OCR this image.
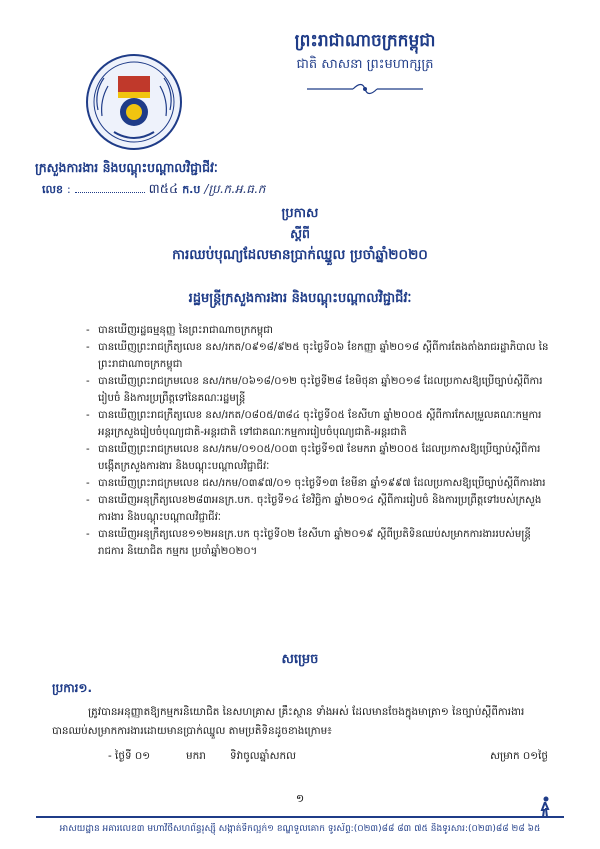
ព្រះរាជាណាចក្រកម្ពុជា
ជាតិ សាសនា ព្រះមហាក្សត្រ
ក្រសួងការងារ និងបណ្តុះបណ្តាលវិជ្ជាជីវៈ
លេខ :	៣៥៤ ក.ប /ប្រ.ក.អ.ធ.ក
ប្រកាស
ស្តីពី
ការឈប់បុណ្យដែលមានប្រាក់ឈ្នួល ប្រចាំឆ្នាំ២០២០
រដ្ឋមន្ត្រីក្រសួងការងារ និងបណ្តុះបណ្តាលវិជ្ជាជីវៈ
- បានឃើញរដ្ឋធម្មនុញ្ញ នៃព្រះរាជាណាចក្រកម្ពុជា
- បានឃើញព្រះរាជក្រឹត្យលេខ នស/រកត/០៩១៨/៩២៥ ចុះថ្ងៃទី០៦ ខែកញ្ញា ឆ្នាំ២០១៨ ស្តីពីការតែងតាំងរាជរដ្ឋាភិបាល នៃព្រះរាជាណាចក្រកម្ពុជា
- បានឃើញព្រះរាជក្រមលេខ នស/រកម/០៦១៨/០១២ ចុះថ្ងៃទី២៨ ខែមិថុនា ឆ្នាំ២០១៨ ដែលប្រកាសឱ្យប្រើច្បាប់ស្តីពីការរៀបចំ និងការប្រព្រឹត្តទៅនៃគណៈរដ្ឋមន្ត្រី
- បានឃើញព្រះរាជក្រឹត្យលេខ នស/រកត/០៨០៥/៣៨៤ ចុះថ្ងៃទី០៥ ខែសីហា ឆ្នាំ២០០៥ ស្តីពីការកែសម្រួលគណៈកម្មការអន្តរក្រសួងរៀបចំបុណ្យជាតិ-អន្តរជាតិ ទៅជាគណៈកម្មការរៀបចំបុណ្យជាតិ-អន្តរជាតិ
- បានឃើញព្រះរាជក្រមលេខ នស/រកម/០១០៥/០០៣ ចុះថ្ងៃទី១៧ ខែមករា ឆ្នាំ២០០៥ ដែលប្រកាសឱ្យប្រើច្បាប់ស្តីពីការបង្កើតក្រសួងការងារ និងបណ្តុះបណ្តាលវិជ្ជាជីវៈ
- បានឃើញព្រះរាជក្រមលេខ ជស/រកម/០៣៩៧/០១ ចុះថ្ងៃទី១៣ ខែមីនា ឆ្នាំ១៩៩៧ ដែលប្រកាសឱ្យប្រើច្បាប់ស្តីពីការងារ
- បានឃើញអនុក្រឹត្យលេខ២៨៣អនក្រ.បក. ចុះថ្ងៃទី១៤ ខែវិច្ឆិកា ឆ្នាំ២០១៤ ស្តីពីការរៀបចំ និងការប្រព្រឹត្តទៅរបស់ក្រសួងការងារ និងបណ្តុះបណ្តាលវិជ្ជាជីវៈ
- បានឃើញអនុក្រឹត្យលេខ១១២អនក្រ.បក ចុះថ្ងៃទី០២ ខែសីហា ឆ្នាំ២០១៩ ស្តីពីប្រតិទិនឈប់សម្រាកការងាររបស់មន្ត្រីរាជការ និយោជិត កម្មករ ប្រចាំឆ្នាំ២០២០។
សម្រេច
ប្រការ១.
ត្រូវបានអនុញ្ញាតឱ្យកម្មករនិយោជិត នៃសហគ្រាស គ្រឹះស្ថាន ទាំងអស់ ដែលមានចែងក្នុងមាត្រា១ នៃច្បាប់ស្តីពីការងារ បានឈប់សម្រាកការងារដោយមានប្រាក់ឈ្នួល តាមប្រតិទិនដូចខាងក្រោម៖
- ថ្ងៃទី ០១	មករា	ទិវាចូលឆ្នាំសកល	សម្រាក ០១ថ្ងៃ
១
អាសយដ្ឋាន អគារលេខ៣ មហាវិថីសហព័ន្ធរុស្ស៊ី សង្កាត់ទឹកល្អក់១ ខណ្ឌទួលគោក ទូរស័ព្ទ:(០២៣)៨៨ ៨៣ ៧៥ និងទូរសារ:(០២៣)៨៨ ២៨ ៦៥
